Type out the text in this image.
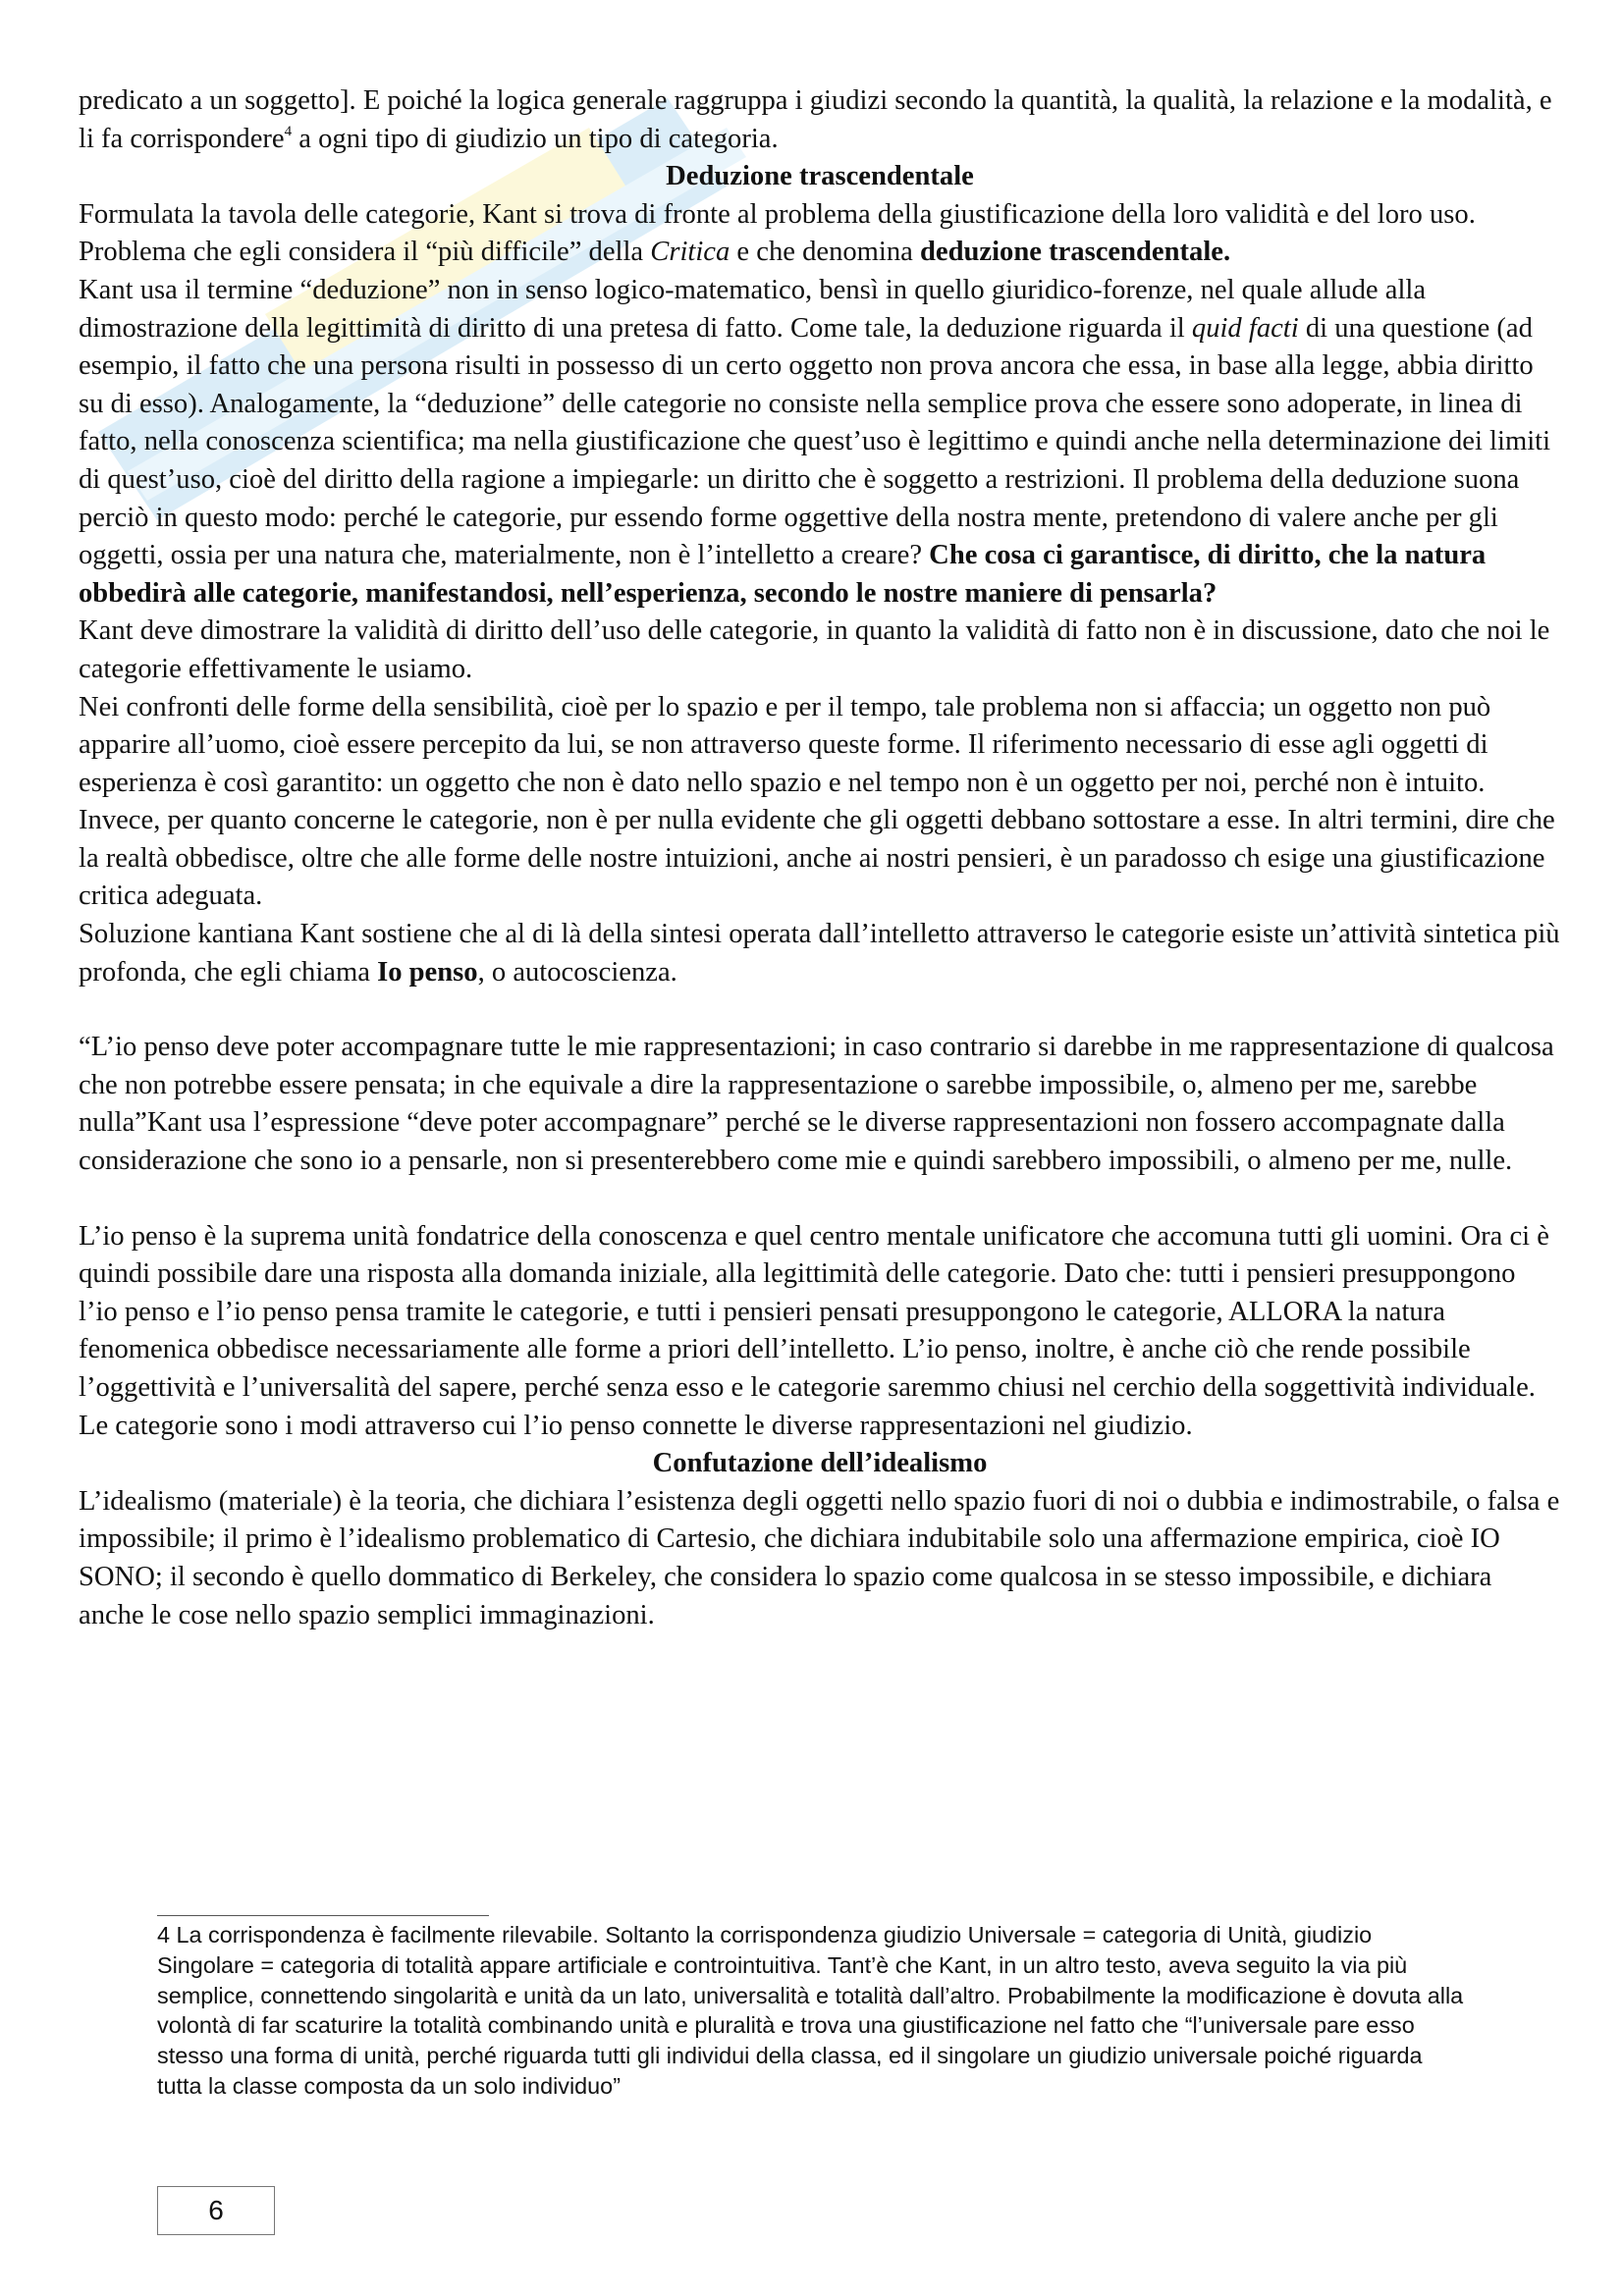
predicato a un soggetto]. E poiché la logica generale raggruppa i giudizi secondo la quantità, la qualità, la relazione e la modalità, e li fa corrispondere$^4$ a ogni tipo di giudizio un tipo di categoria.

Deduzione trascendentale

Formulata la tavola delle categorie, Kant si trova di fronte al problema della giustificazione della loro validità e del loro uso. Problema che egli considera il “più difficile” della Critica e che denomina deduzione trascendentale.

Kant usa il termine “deduzione” non in senso logico-matematico, bensì in quello giuridico-forenze, nel quale allude alla dimostrazione della legittimità di diritto di una pretesa di fatto. Come tale, la deduzione riguarda il quid facti di una questione (ad esempio, il fatto che una persona risulti in possesso di un certo oggetto non prova ancora che essa, in base alla legge, abbia diritto su di esso). Analogamente, la “deduzione” delle categorie no consiste nella semplice prova che essere sono adoperate, in linea di fatto, nella conoscenza scientifica; ma nella giustificazione che quest’uso è legittimo e quindi anche nella determinazione dei limiti di quest’uso, cioè del diritto della ragione a impiegarle: un diritto che è soggetto a restrizioni. Il problema della deduzione suona perciò in questo modo: perché le categorie, pur essendo forme oggettive della nostra mente, pretendono di valere anche per gli oggetti, ossia per una natura che, materialmente, non è l’intelletto a creare? Che cosa ci garantisce, di diritto, che la natura obbedirà alle categorie, manifestandosi, nell’esperienza, secondo le nostre maniere di pensarla?

Kant deve dimostrare la validità di diritto dell’uso delle categorie, in quanto la validità di fatto non è in discussione, dato che noi le categorie effettivamente le usiamo.

Nei confronti delle forme della sensibilità, cioè per lo spazio e per il tempo, tale problema non si affaccia; un oggetto non può apparire all’uomo, cioè essere percepito da lui, se non attraverso queste forme. Il riferimento necessario di esse agli oggetti di esperienza è così garantito: un oggetto che non è dato nello spazio e nel tempo non è un oggetto per noi, perché non è intuito. Invece, per quanto concerne le categorie, non è per nulla evidente che gli oggetti debbano sottostare a esse. In altri termini, dire che la realtà obbedisce, oltre che alle forme delle nostre intuizioni, anche ai nostri pensieri, è un paradosso ch esige una giustificazione critica adeguata.

Soluzione kantiana Kant sostiene che al di là della sintesi operata dall’intelletto attraverso le categorie esiste un’attività sintetica più profonda, che egli chiama Io penso, o autocoscienza.

“L’io penso deve poter accompagnare tutte le mie rappresentazioni; in caso contrario si darebbe in me rappresentazione di qualcosa che non potrebbe essere pensata; in che equivale a dire la rappresentazione o sarebbe impossibile, o, almeno per me, sarebbe nulla”Kant usa l’espressione “deve poter accompagnare” perché se le diverse rappresentazioni non fossero accompagnate dalla considerazione che sono io a pensarle, non si presenterebbero come mie e quindi sarebbero impossibili, o almeno per me, nulle.

L’io penso è la suprema unità fondatrice della conoscenza e quel centro mentale unificatore che accomuna tutti gli uomini. Ora ci è quindi possibile dare una risposta alla domanda iniziale, alla legittimità delle categorie. Dato che: tutti i pensieri presuppongono l’io penso e l’io penso pensa tramite le categorie, e tutti i pensieri pensati presuppongono le categorie, ALLORA la natura fenomenica obbedisce necessariamente alle forme a priori dell’intelletto. L’io penso, inoltre, è anche ciò che rende possibile l’oggettività e l’universalità del sapere, perché senza esso e le categorie saremmo chiusi nel cerchio della soggettività individuale. Le categorie sono i modi attraverso cui l’io penso connette le diverse rappresentazioni nel giudizio.

Confutazione dell’idealismo

L’idealismo (materiale) è la teoria, che dichiara l’esistenza degli oggetti nello spazio fuori di noi o dubbia e indimostrabile, o falsa e impossibile; il primo è l’idealismo problematico di Cartesio, che dichiara indubitabile solo una affermazione empirica, cioè IO SONO; il secondo è quello dommatico di Berkeley, che considera lo spazio come qualcosa in se stesso impossibile, e dichiara anche le cose nello spazio semplici immaginazioni.

4 La corrispondenza è facilmente rilevabile. Soltanto la corrispondenza giudizio Universale = categoria di Unità, giudizio Singolare = categoria di totalità appare artificiale e controintuitiva. Tant’è che Kant, in un altro testo, aveva seguito la via più semplice, connettendo singolarità e unità da un lato, universalità e totalità dall’altro. Probabilmente la modificazione è dovuta alla volontà di far scaturire la totalità combinando unità e pluralità e trova una giustificazione nel fatto che “l’universale pare esso stesso una forma di unità, perché riguarda tutti gli individui della classa, ed il singolare un giudizio universale poiché riguarda tutta la classe composta da un solo individuo”

6
